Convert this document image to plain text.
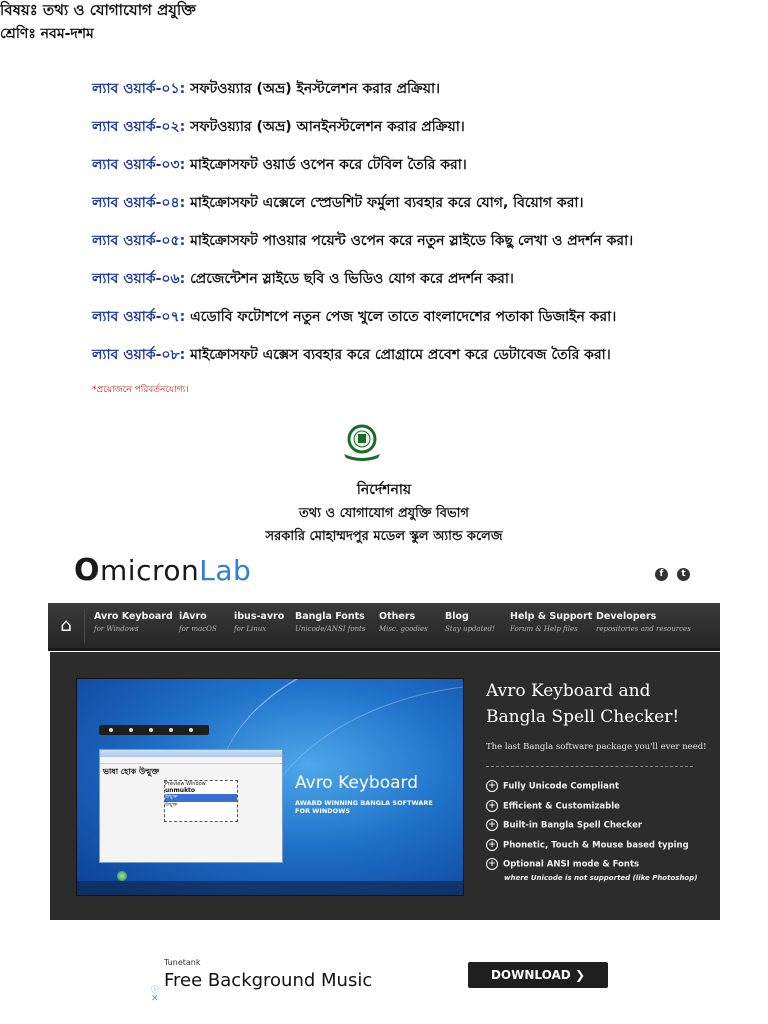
বিষয়ঃ তথ্য ও যোগাযোগ প্রযুক্তি
শ্রেণিঃ নবম-দশম
ল্যাব ওয়ার্ক-০১: সফটওয়্যার (অভ্র) ইনস্টলেশন করার প্রক্রিয়া।
ল্যাব ওয়ার্ক-০২: সফটওয়্যার (অভ্র) আনইনস্টলেশন করার প্রক্রিয়া।
ল্যাব ওয়ার্ক-০৩: মাইক্রোসফট ওয়ার্ড ওপেন করে টেবিল তৈরি করা।
ল্যাব ওয়ার্ক-০৪: মাইক্রোসফট এক্সেলে স্প্রেডশিট ফর্মুলা ব্যবহার করে যোগ, বিয়োগ করা।
ল্যাব ওয়ার্ক-০৫: মাইক্রোসফট পাওয়ার পয়েন্ট ওপেন করে নতুন স্লাইডে কিছু লেখা ও প্রদর্শন করা।
ল্যাব ওয়ার্ক-০৬: প্রেজেন্টেশন স্লাইডে ছবি ও ভিডিও যোগ করে প্রদর্শন করা।
ল্যাব ওয়ার্ক-০৭: এডোবি ফটোশপে নতুন পেজ খুলে তাতে বাংলাদেশের পতাকা ডিজাইন করা।
ল্যাব ওয়ার্ক-০৮: মাইক্রোসফট এক্সেস ব্যবহার করে প্রোগ্রামে প্রবেশ করে ডেটাবেজ তৈরি করা।
*প্রয়োজনে পরিবর্তনযোগ্য।
নির্দেশনায়
তথ্য ও যোগাযোগ প্রযুক্তি বিভাগ
সরকারি মোহাম্মদপুর মডেল স্কুল অ্যান্ড কলেজ
OmicronLab	f	t
⌂	Avro Keyboard
for Windows
iAvro
for macOS
ibus-avro
for Linux
Bangla Fonts
Unicode/ANSI fonts
Others
Misc. goodies
Blog
Stay updated!
Help & Support
Forum & Help files
Developers
repositories and resources
ভাষা হোক উন্মুক্ত
Preview Window
unmukto
উন্মুক্ত
উন্মুক্ত
Avro Keyboard
AWARD WINNING BANGLA SOFTWARE
FOR WINDOWS
Avro Keyboard and Bangla Spell Checker!
The last Bangla software package you'll ever need!
+ Fully Unicode Compliant
+ Efficient & Customizable
+ Built-in Bangla Spell Checker
+ Phonetic, Touch & Mouse based typing
+ Optional ANSI mode & Fonts
where Unicode is not supported (like Photoshop)
Tunetank
Free Background Music	DOWNLOAD ❯
ⓘ
✕
